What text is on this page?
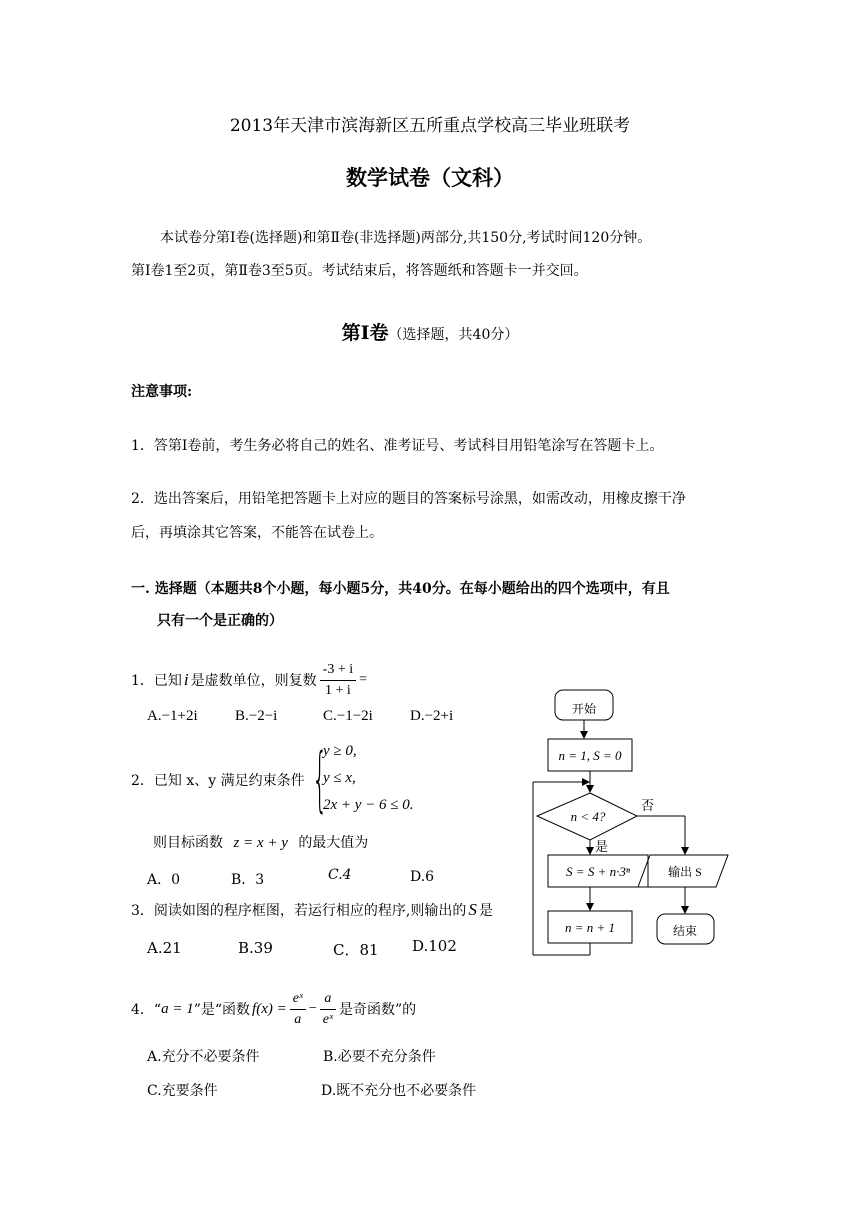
2013年天津市滨海新区五所重点学校高三毕业班联考
数学试卷（文科）
本试卷分第Ⅰ卷(选择题)和第Ⅱ卷(非选择题)两部分,共150分,考试时间120分钟。
第Ⅰ卷1至2页，第Ⅱ卷3至5页。考试结束后，将答题纸和答题卡一并交回。
第Ⅰ卷（选择题，共40分）
注意事项:
1．答第Ⅰ卷前，考生务必将自己的姓名、准考证号、考试科目用铅笔涂写在答题卡上。
2．选出答案后，用铅笔把答题卡上对应的题目的答案标号涂黑，如需改动，用橡皮擦干净
后，再填涂其它答案，不能答在试卷上。
一. 选择题（本题共8个小题，每小题5分，共40分。在每小题给出的四个选项中，有且
只有一个是正确的）
1．已知 i 是虚数单位，则复数 $\frac{-3 + i}{1 + i}$ =
A.−1+2i B.−2−i	C.−1−2i D.−2+i
2．已知 x、y 满足约束条件 {
y ≥ 0,
y ≤ x,
2x + y − 6 ≤ 0.
则目标函数 z = x + y 的最大值为
A．0	B．3	C.4	D.6
3．阅读如图的程序框图，若运行相应的程序,则输出的 S 是
A.21	B.39	C．81 D.102
4．“ a = 1 ”是“函数 $f(x) = \frac{\text{eˣ}}{a} - \frac{a}{\text{eˣ}}$ 是奇函数”的
A.充分不必要条件	B.必要不充分条件
C.充要条件	D.既不充分也不必要条件
开始
n = 1, S = 0
n < 4?
否
是
S = S + n·3ⁿ	输出 S
n = n + 1	结束
